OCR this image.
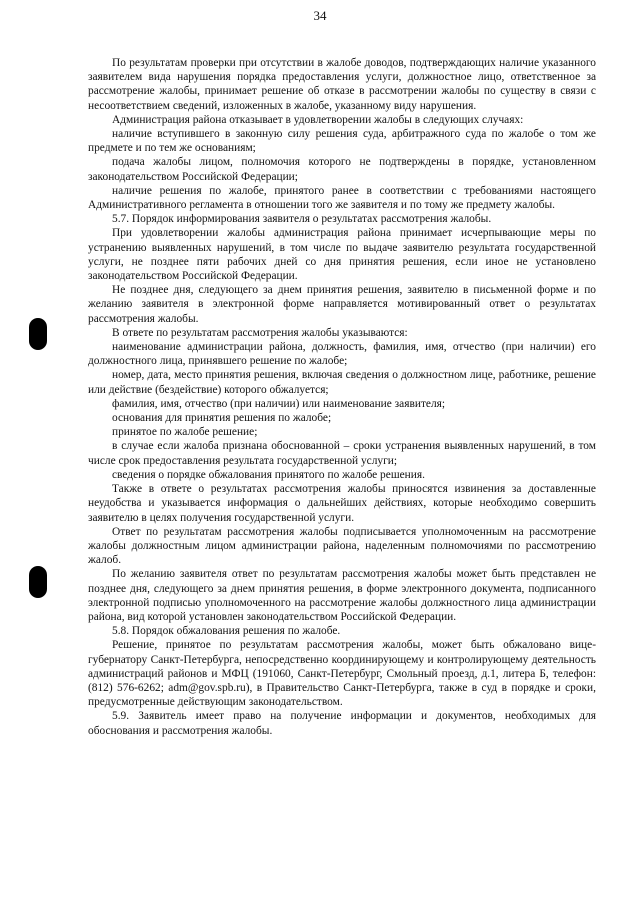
34

По результатам проверки при отсутствии в жалобе доводов, подтверждающих наличие указанного заявителем вида нарушения порядка предоставления услуги, должностное лицо, ответственное за рассмотрение жалобы, принимает решение об отказе в рассмотрении жалобы по существу в связи с несоответствием сведений, изложенных в жалобе, указанному виду нарушения.

Администрация района отказывает в удовлетворении жалобы в следующих случаях:

наличие вступившего в законную силу решения суда, арбитражного суда по жалобе о том же предмете и по тем же основаниям;

подача жалобы лицом, полномочия которого не подтверждены в порядке, установленном законодательством Российской Федерации;

наличие решения по жалобе, принятого ранее в соответствии с требованиями настоящего Административного регламента в отношении того же заявителя и по тому же предмету жалобы.

5.7. Порядок информирования заявителя о результатах рассмотрения жалобы.

При удовлетворении жалобы администрация района принимает исчерпывающие меры по устранению выявленных нарушений, в том числе по выдаче заявителю результата государственной услуги, не позднее пяти рабочих дней со дня принятия решения, если иное не установлено законодательством Российской Федерации.

Не позднее дня, следующего за днем принятия решения, заявителю в письменной форме и по желанию заявителя в электронной форме направляется мотивированный ответ о результатах рассмотрения жалобы.

В ответе по результатам рассмотрения жалобы указываются:

наименование администрации района, должность, фамилия, имя, отчество (при наличии) его должностного лица, принявшего решение по жалобе;

номер, дата, место принятия решения, включая сведения о должностном лице, работнике, решение или действие (бездействие) которого обжалуется;

фамилия, имя, отчество (при наличии) или наименование заявителя;

основания для принятия решения по жалобе;

принятое по жалобе решение;

в случае если жалоба признана обоснованной – сроки устранения выявленных нарушений, в том числе срок предоставления результата государственной услуги;

сведения о порядке обжалования принятого по жалобе решения.

Также в ответе о результатах рассмотрения жалобы приносятся извинения за доставленные неудобства и указывается информация о дальнейших действиях, которые необходимо совершить заявителю в целях получения государственной услуги.

Ответ по результатам рассмотрения жалобы подписывается уполномоченным на рассмотрение жалобы должностным лицом администрации района, наделенным полномочиями по рассмотрению жалоб.

По желанию заявителя ответ по результатам рассмотрения жалобы может быть представлен не позднее дня, следующего за днем принятия решения, в форме электронного документа, подписанного электронной подписью уполномоченного на рассмотрение жалобы должностного лица администрации района, вид которой установлен законодательством Российской Федерации.

5.8. Порядок обжалования решения по жалобе.

Решение, принятое по результатам рассмотрения жалобы, может быть обжаловано вице-губернатору Санкт-Петербурга, непосредственно координирующему и контролирующему деятельность администраций районов и МФЦ (191060, Санкт-Петербург, Смольный проезд, д.1, литера Б, телефон: (812) 576-6262; adm@gov.spb.ru), в Правительство Санкт-Петербурга, также в суд в порядке и сроки, предусмотренные действующим законодательством.

5.9. Заявитель имеет право на получение информации и документов, необходимых для обоснования и рассмотрения жалобы.
